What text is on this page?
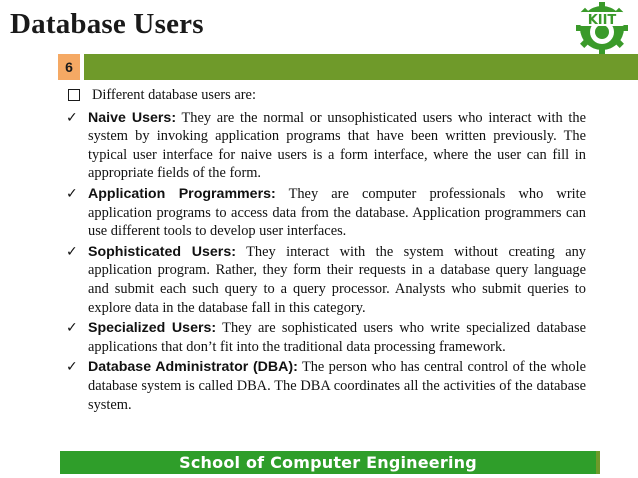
Database Users	KIIT
6
Different database users are:
✓ Naive Users: They are the normal or unsophisticated users who interact with the system by invoking application programs that have been written previously. The typical user interface for naive users is a form interface, where the user can fill in appropriate fields of the form.
✓ Application Programmers: They are computer professionals who write application programs to access data from the database. Application programmers can use different tools to develop user interfaces.
✓ Sophisticated Users: They interact with the system without creating any application program. Rather, they form their requests in a database query language and submit each such query to a query processor. Analysts who submit queries to explore data in the database fall in this category.
✓ Specialized Users: They are sophisticated users who write specialized database applications that don’t fit into the traditional data processing framework.
✓ Database Administrator (DBA): The person who has central control of the whole database system is called DBA. The DBA coordinates all the activities of the database system.
School of Computer Engineering
